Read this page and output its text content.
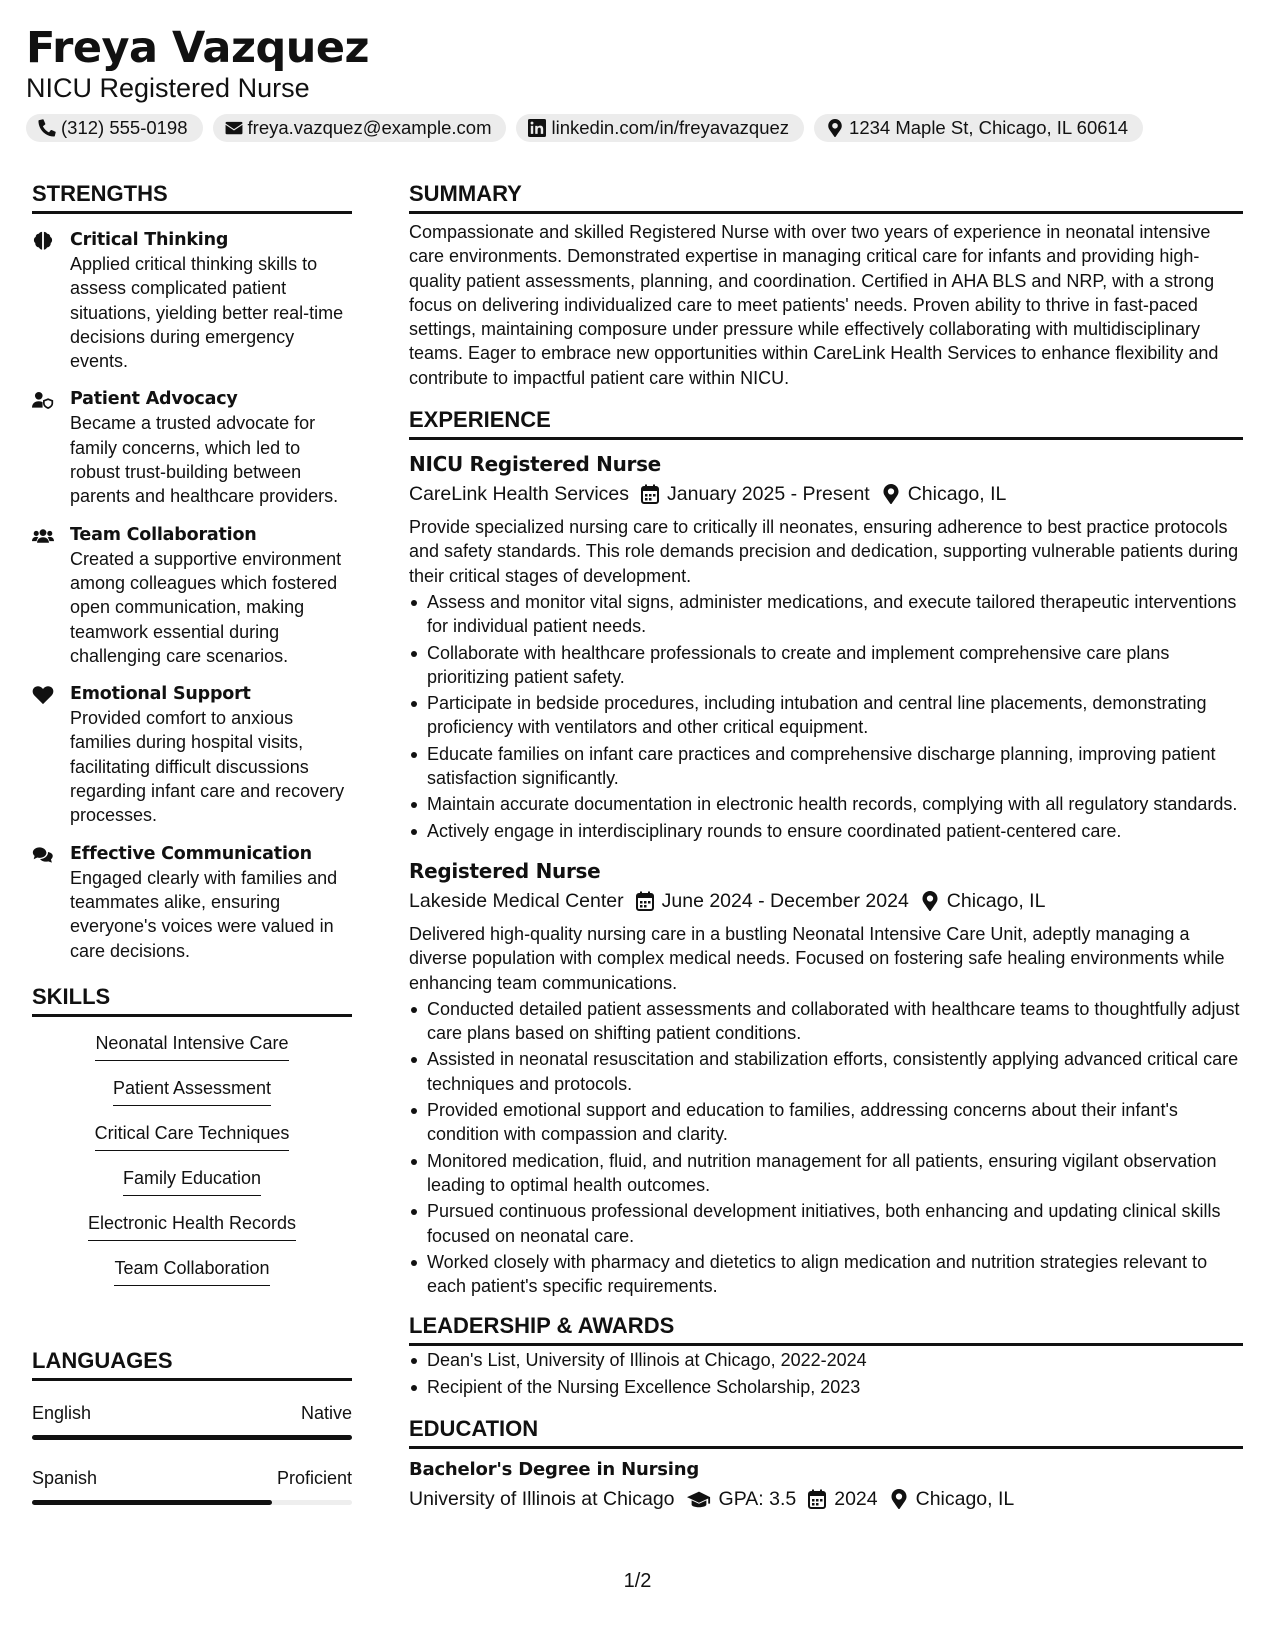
Freya Vazquez
NICU Registered Nurse
(312) 555-0198	freya.vazquez@example.com	linkedin.com/in/freyavazquez	1234 Maple St, Chicago, IL 60614
STRENGTHS
Critical Thinking
Applied critical thinking skills to assess complicated patient situations, yielding better real-time decisions during emergency events.
Patient Advocacy
Became a trusted advocate for family concerns, which led to robust trust-building between parents and healthcare providers.
Team Collaboration
Created a supportive environment among colleagues which fostered open communication, making teamwork essential during challenging care scenarios.
Emotional Support
Provided comfort to anxious families during hospital visits, facilitating difficult discussions regarding infant care and recovery processes.
Effective Communication
Engaged clearly with families and teammates alike, ensuring everyone's voices were valued in care decisions.
SKILLS
Neonatal Intensive Care
Patient Assessment
Critical Care Techniques
Family Education
Electronic Health Records
Team Collaboration
LANGUAGES
English	Native
Spanish	Proficient
SUMMARY
Compassionate and skilled Registered Nurse with over two years of experience in neonatal intensive care environments. Demonstrated expertise in managing critical care for infants and providing high-quality patient assessments, planning, and coordination. Certified in AHA BLS and NRP, with a strong focus on delivering individualized care to meet patients' needs. Proven ability to thrive in fast-paced settings, maintaining composure under pressure while effectively collaborating with multidisciplinary teams. Eager to embrace new opportunities within CareLink Health Services to enhance flexibility and contribute to impactful patient care within NICU.
EXPERIENCE
NICU Registered Nurse
CareLink Health Services January 2025 - Present Chicago, IL
Provide specialized nursing care to critically ill neonates, ensuring adherence to best practice protocols and safety standards. This role demands precision and dedication, supporting vulnerable patients during their critical stages of development.
Assess and monitor vital signs, administer medications, and execute tailored therapeutic interventions for individual patient needs.
Collaborate with healthcare professionals to create and implement comprehensive care plans prioritizing patient safety.
Participate in bedside procedures, including intubation and central line placements, demonstrating proficiency with ventilators and other critical equipment.
Educate families on infant care practices and comprehensive discharge planning, improving patient satisfaction significantly.
Maintain accurate documentation in electronic health records, complying with all regulatory standards.
Actively engage in interdisciplinary rounds to ensure coordinated patient-centered care.
Registered Nurse
Lakeside Medical Center June 2024 - December 2024 Chicago, IL
Delivered high-quality nursing care in a bustling Neonatal Intensive Care Unit, adeptly managing a diverse population with complex medical needs. Focused on fostering safe healing environments while enhancing team communications.
Conducted detailed patient assessments and collaborated with healthcare teams to thoughtfully adjust care plans based on shifting patient conditions.
Assisted in neonatal resuscitation and stabilization efforts, consistently applying advanced critical care techniques and protocols.
Provided emotional support and education to families, addressing concerns about their infant's condition with compassion and clarity.
Monitored medication, fluid, and nutrition management for all patients, ensuring vigilant observation leading to optimal health outcomes.
Pursued continuous professional development initiatives, both enhancing and updating clinical skills focused on neonatal care.
Worked closely with pharmacy and dietetics to align medication and nutrition strategies relevant to each patient's specific requirements.
LEADERSHIP & AWARDS
Dean's List, University of Illinois at Chicago, 2022-2024
Recipient of the Nursing Excellence Scholarship, 2023
EDUCATION
Bachelor's Degree in Nursing
University of Illinois at Chicago GPA: 3.5 2024 Chicago, IL
1/2
